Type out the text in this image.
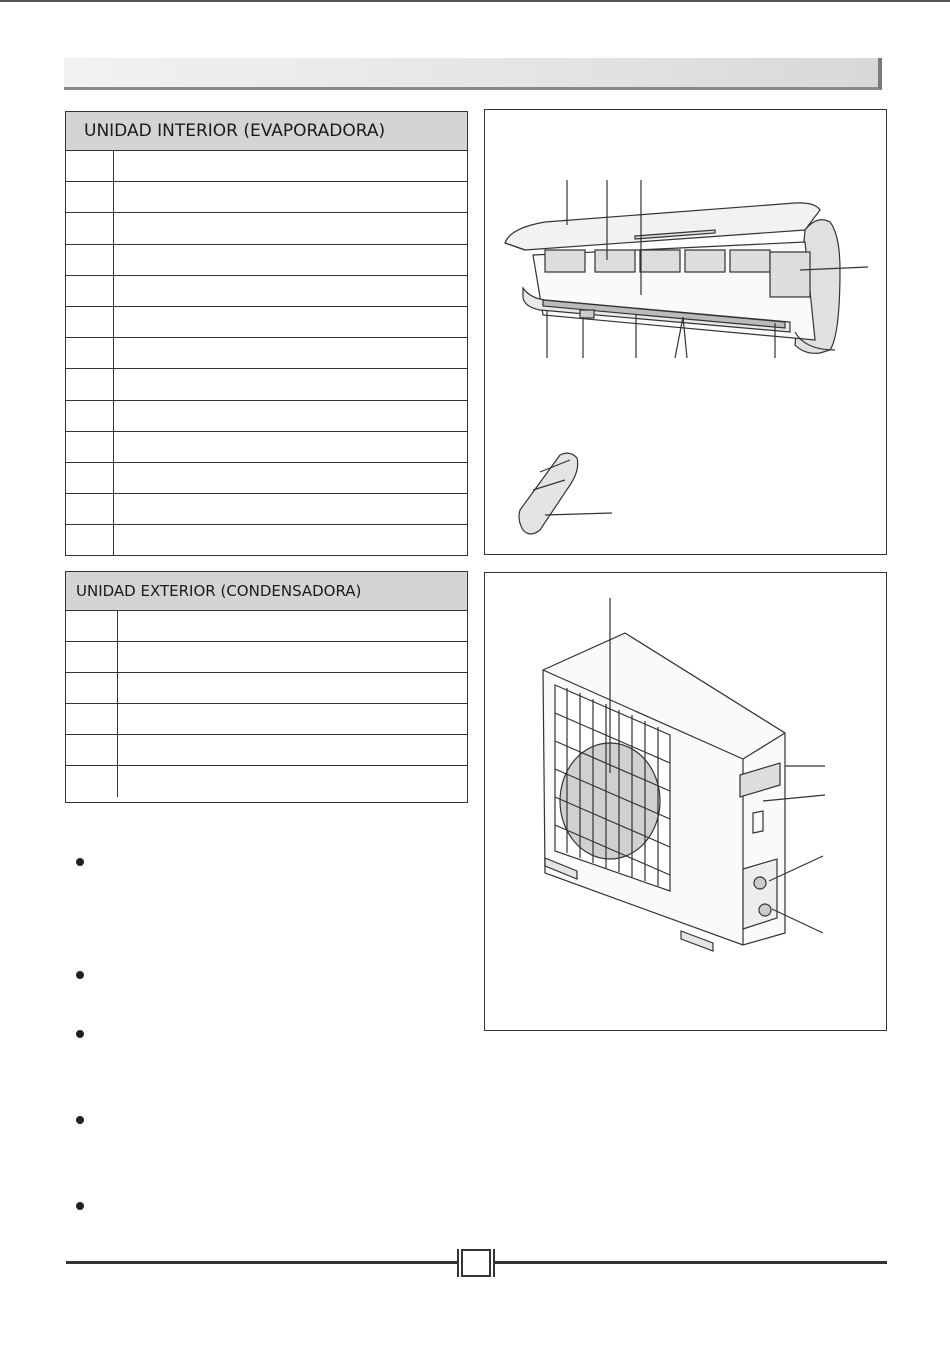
UNIDAD INTERIOR (EVAPORADORA)
UNIDAD EXTERIOR (CONDENSADORA)
